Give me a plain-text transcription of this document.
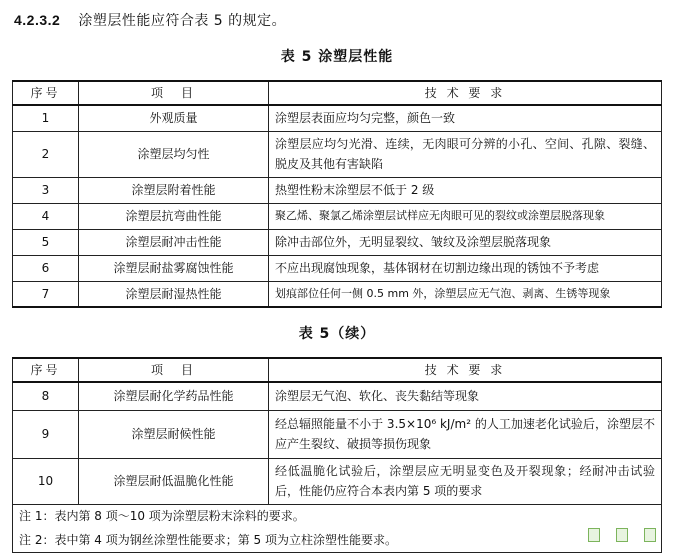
4.2.3.2 涂塑层性能应符合表 5 的规定。
表 5 涂塑层性能
序号	项　目	技 术 要 求
1	外观质量	涂塑层表面应均匀完整，颜色一致
2	涂塑层均匀性	涂塑层应均匀光滑、连续，无肉眼可分辨的小孔、空间、孔隙、裂缝、脱皮及其他有害缺陷
3	涂塑层附着性能	热塑性粉末涂塑层不低于 2 级
4	涂塑层抗弯曲性能	聚乙烯、聚氯乙烯涂塑层试样应无肉眼可见的裂纹或涂塑层脱落现象
5	涂塑层耐冲击性能	除冲击部位外，无明显裂纹、皱纹及涂塑层脱落现象
6	涂塑层耐盐雾腐蚀性能	不应出现腐蚀现象，基体钢材在切割边缘出现的锈蚀不予考虑
7	涂塑层耐湿热性能	划痕部位任何一侧 0.5 mm 外，涂塑层应无气泡、剥离、生锈等现象
表 5（续）
序号	项　目	技 术 要 求
8	涂塑层耐化学药品性能	涂塑层无气泡、软化、丧失黏结等现象
9	涂塑层耐候性能	经总辐照能量不小于 3.5×10⁶ kJ/m² 的人工加速老化试验后，涂塑层不应产生裂纹、破损等损伤现象
10	涂塑层耐低温脆化性能	经低温脆化试验后，涂塑层应无明显变色及开裂现象；经耐冲击试验后，性能仍应符合本表内第 5 项的要求
注 1：表内第 8 项～10 项为涂塑层粉末涂料的要求。		
注 2：表中第 4 项为钢丝涂塑性能要求；第 5 项为立柱涂塑性能要求。		
